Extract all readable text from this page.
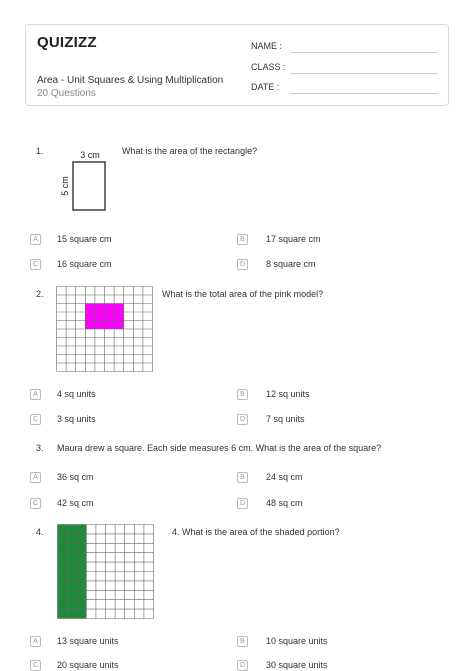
QUIZIZZ
Area - Unit Squares & Using Multiplication
20 Questions
NAME :
CLASS :
DATE :
1.	What is the area of the rectangle?
3 cm
5 cm
A	15 square cm	B	17 square cm
C	16 square cm	D	8 square cm
2.	What is the total area of the pink model?
A	4 sq units	B	12 sq units
C	3 sq units	D	7 sq units
3. Maura drew a square. Each side measures 6 cm. What is the area of the square?
A	36 sq cm	B	24 sq cm
C	42 sq cm	D	48 sq cm
4.	4. What is the area of the shaded portion?
A	13 square units	B	10 square units
C	20 square units	D	30 square units
